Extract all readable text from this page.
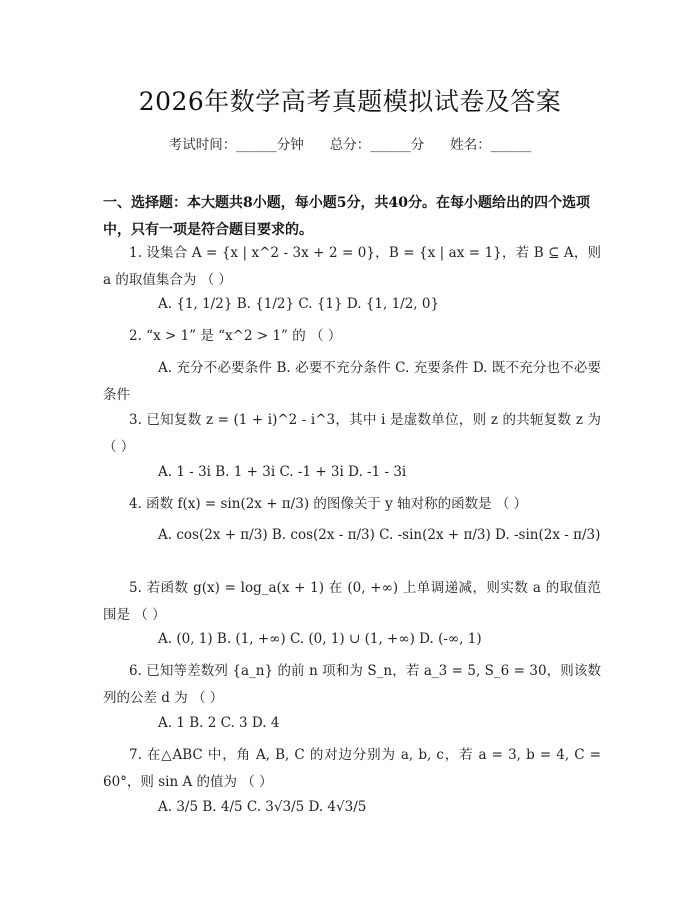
2026年数学高考真题模拟试卷及答案
考试时间：______分钟 总分：______分 姓名：______
一、选择题：本大题共8小题，每小题5分，共40分。在每小题给出的四个选项中，只有一项是符合题目要求的。
1. 设集合 A = {x | x^2 - 3x + 2 = 0}，B = {x | ax = 1}，若 B ⊆ A，则 a 的取值集合为 （ ）
A. {1, 1/2} B. {1/2} C. {1} D. {1, 1/2, 0}
2. “x > 1” 是 “x^2 > 1” 的 （ ）
A. 充分不必要条件 B. 必要不充分条件 C. 充要条件 D. 既不充分也不必要条件
3. 已知复数 z = (1 + i)^2 - i^3，其中 i 是虚数单位，则 z 的共轭复数 z 为 （ ）
A. 1 - 3i B. 1 + 3i C. -1 + 3i D. -1 - 3i
4. 函数 f(x) = sin(2x + π/3) 的图像关于 y 轴对称的函数是 （ ）
A. cos(2x + π/3) B. cos(2x - π/3) C. -sin(2x + π/3) D. -sin(2x - π/3)
5. 若函数 g(x) = log_a(x + 1) 在 (0, +∞) 上单调递减，则实数 a 的取值范围是 （ ）
A. (0, 1) B. (1, +∞) C. (0, 1) ∪ (1, +∞) D. (-∞, 1)
6. 已知等差数列 {a_n} 的前 n 项和为 S_n，若 a_3 = 5, S_6 = 30，则该数列的公差 d 为 （ ）
A. 1 B. 2 C. 3 D. 4
7. 在△ABC 中，角 A, B, C 的对边分别为 a, b, c，若 a = 3, b = 4, C = 60°，则 sin A 的值为 （ ）
A. 3/5 B. 4/5 C. 3√3/5 D. 4√3/5
